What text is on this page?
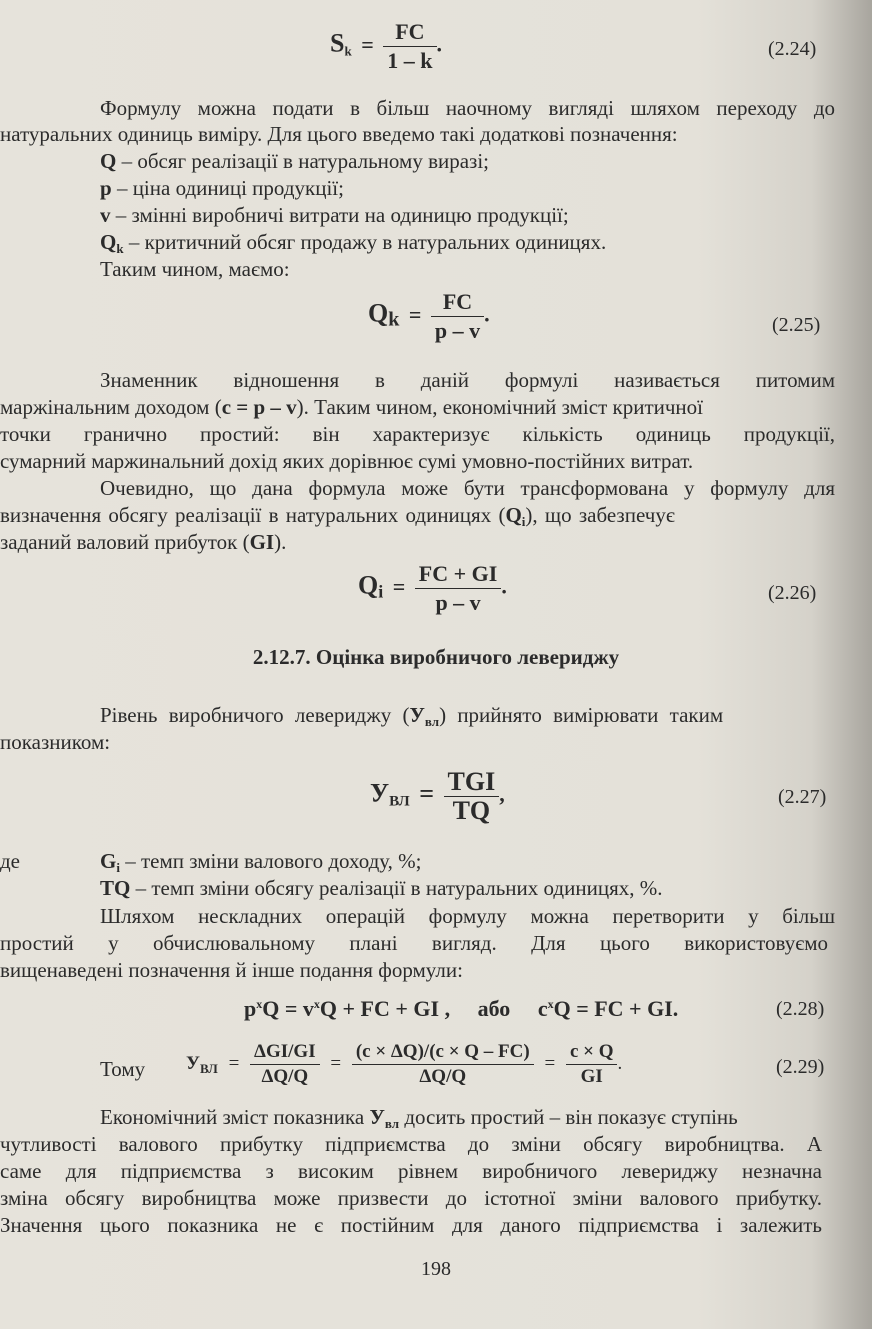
$S_k = \frac{FC}{1 - k}$ .	(2.24)
Формулу можна подати в більш наочному вигляді шляхом переходу до
натуральних одиниць виміру. Для цього введемо такі додаткові позначення:
Q – обсяг реалізації в натуральному виразі;
p – ціна одиниці продукції;
v – змінні виробничі витрати на одиницю продукції;
$Q_k$ – критичний обсяг продажу в натуральних одиницях.
Таким чином, маємо:
$Q_k = \frac{FC}{p - v}$ .	(2.25)
Знаменник відношення в даній формулі називається питомим
маржінальним доходом (c = p – v). Таким чином, економічний зміст критичної
точки гранично простий: він характеризує кількість одиниць продукції,
сумарний маржинальний дохід яких дорівнює сумі умовно-постійних витрат.
Очевидно, що дана формула може бути трансформована у формулу для
визначення обсягу реалізації в натуральних одиницях $(Q_i)$, що забезпечує
заданий валовий прибуток (GI).
$Q_i = \frac{FC + GI}{p - v}$ .	(2.26)
2.12.7. Оцінка виробничого левериджу
Рівень виробничого левериджу $(У_{вл})$ прийнято вимірювати таким
показником:
$У_{ВЛ} = \frac{\text{TGI}}{TQ}$ ,	(2.27)
де	$G_i$ – темп зміни валового доходу, %;
TQ – темп зміни обсягу реалізації в натуральних одиницях, %.
Шляхом нескладних операцій формулу можна перетворити у більш
простий у обчислювальному плані вигляд. Для цього використовуємо
вищенаведені позначення й інше подання формули:
$p^xQ = v^xQ$ + FC + GI , або $c^xQ$ = FC + GI.	(2.28)
Тому $У_{ВЛ} = \frac{\text{ΔGI/GI}}{\Delta Q/Q} = \frac{(c \times \Delta Q)/(c \times Q - FC)}{\Delta Q/Q} = \frac{c \times Q}{GI}$ .	(2.29)
Економічний зміст показника $У_{вл}$ досить простий – він показує ступінь
чутливості валового прибутку підприємства до зміни обсягу виробництва. А
саме для підприємства з високим рівнем виробничого левериджу незначна
зміна обсягу виробництва може призвести до істотної зміни валового прибутку.
Значення цього показника не є постійним для даного підприємства і залежить
198
